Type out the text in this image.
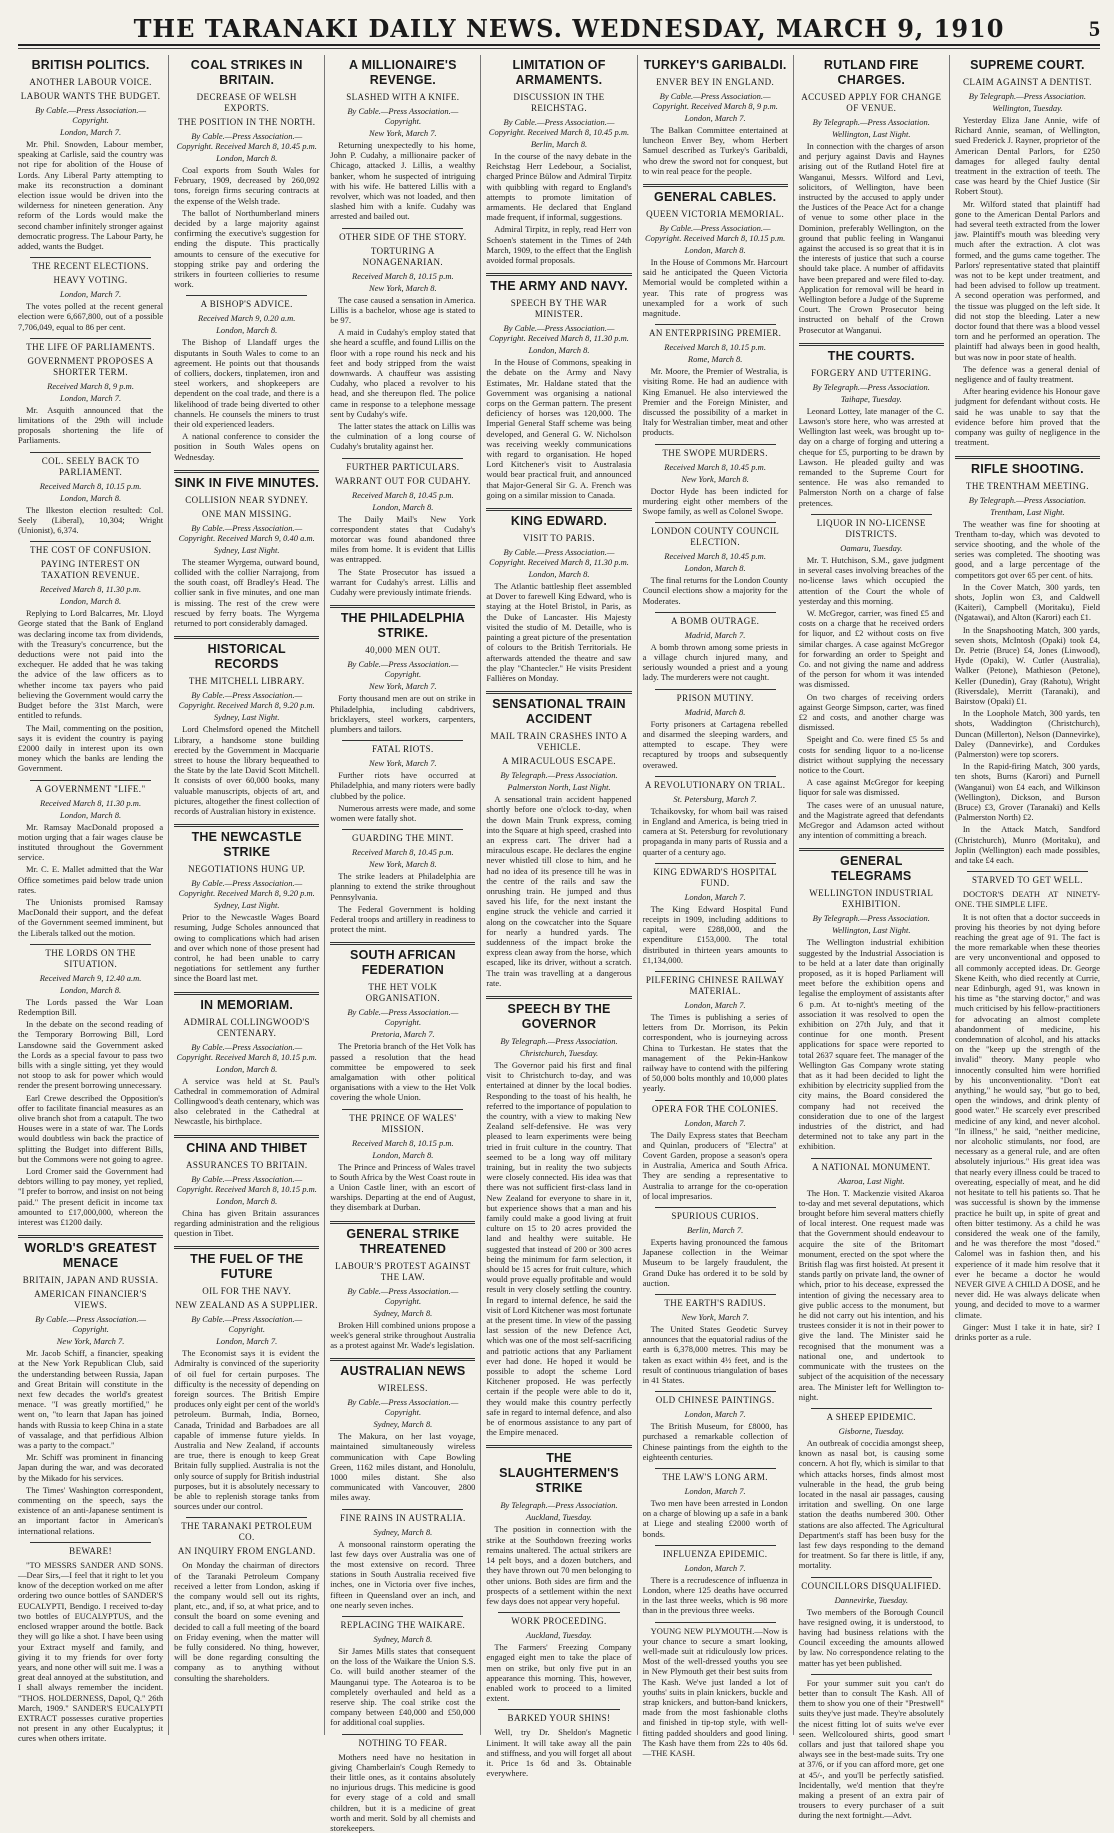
THE TARANAKI DAILY NEWS. WEDNESDAY, MARCH 9, 1910	5
BRITISH POLITICS.
ANOTHER LABOUR VOICE.
LABOUR WANTS THE BUDGET.
By Cable.—Press Association.—Copyright.
London, March 7.

Mr. Phil. Snowden, Labour member, speaking at Carlisle, said the country was not ripe for abolition of the House of Lords. Any Liberal Party attempting to make its reconstruction a dominant election issue would be driven into the wilderness for nineteen generation. Any reform of the Lords would make the second chamber infinitely stronger against democratic progress. The Labour Party, he added, wants the Budget.

THE RECENT ELECTIONS.
HEAVY VOTING.
London, March 7.

The votes polled at the recent general election were 6,667,800, out of a possible 7,706,049, equal to 86 per cent.

THE LIFE OF PARLIAMENTS.
GOVERNMENT PROPOSES A SHORTER TERM.
Received March 8, 9 p.m.
London, March 7.

Mr. Asquith announced that the limitations of the 29th will include proposals shortening the life of Parliaments.

COL. SEELY BACK TO PARLIAMENT.
Received March 8, 10.15 p.m.
London, March 8.

The Ilkeston election resulted: Col. Seely (Liberal), 10,304; Wright (Unionist), 6,374.

THE COST OF CONFUSION.
PAYING INTEREST ON TAXATION REVENUE.
Received March 8, 11.30 p.m.
London, March 8.

Replying to Lord Balcarres, Mr. Lloyd George stated that the Bank of England was declaring income tax from dividends, with the Treasury's concurrence, but the deductions were not paid into the exchequer. He added that he was taking the advice of the law officers as to whether income tax payers who paid believing the Government would carry the Budget before the 31st March, were entitled to refunds.

The Mail, commenting on the position, says it is evident the country is paying £2000 daily in interest upon its own money which the banks are lending the Government.

A GOVERNMENT "LIFE."
Received March 8, 11.30 p.m.
London, March 8.

Mr. Ramsay MacDonald proposed a motion urging that a fair wages clause be instituted throughout the Government service.

Mr. C. E. Mallet admitted that the War Office sometimes paid below trade union rates.

The Unionists promised Ramsay MacDonald their support, and the defeat of the Government seemed imminent, but the Liberals talked out the motion.

THE LORDS ON THE SITUATION.
Received March 9, 12.40 a.m.
London, March 8.

The Lords passed the War Loan Redemption Bill.

In the debate on the second reading of the Temporary Borrowing Bill, Lord Lansdowne said the Government asked the Lords as a special favour to pass two bills with a single sitting, yet they would not stoop to ask for power which would render the present borrowing unnecessary.

Earl Crewe described the Opposition's offer to facilitate financial measures as an olive branch shot from a catapult. The two Houses were in a state of war. The Lords would doubtless win back the practice of splitting the Budget into different Bills, but the Commons were not going to agree.

Lord Cromer said the Government had debtors willing to pay money, yet replied, "I prefer to borrow, and insist on not being paid." The present deficit in income tax amounted to £17,000,000, whereon the interest was £1200 daily.

WORLD'S GREATEST MENACE
BRITAIN, JAPAN AND RUSSIA.
AMERICAN FINANCIER'S VIEWS.
By Cable.—Press Association.—Copyright.
New York, March 7.

Mr. Jacob Schiff, a financier, speaking at the New York Republican Club, said the understanding between Russia, Japan and Great Britain will constitute in the next few decades the world's greatest menace. "I was greatly mortified," he went on, "to learn that Japan has joined hands with Russia to keep China in a state of vassalage, and that perfidious Albion was a party to the compact."

Mr. Schiff was prominent in financing Japan during the war, and was decorated by the Mikado for his services.

The Times' Washington correspondent, commenting on the speech, says the existence of an anti-Japanese sentiment is an important factor in American's international relations.

BEWARE!

"TO MESSRS SANDER AND SONS.—Dear Sirs,—I feel that it right to let you know of the deception worked on me after ordering two ounce bottles of SANDER'S EUCALYPTI, Bendigo. I received to-day two bottles of EUCALYPTUS, and the enclosed wrapper around the bottle. Back they will go like a shot. I have been using your Extract myself and family, and giving it to my friends for over forty years, and none other will suit me. I was a great deal annoyed at the substitution, and I shall always remember the incident. "THOS. HOLDERNESS, Dapol, Q." 26th March, 1909." SANDER'S EUCALYPTI EXTRACT possesses curative properties not present in any other Eucalyptus; it cures when others irritate.

COAL STRIKES IN BRITAIN.
DECREASE OF WELSH EXPORTS.
THE POSITION IN THE NORTH.
By Cable.—Press Association.—Copyright. Received March 8, 10.45 p.m.
London, March 8.

Coal exports from South Wales for February, 1909, decreased by 260,092 tons, foreign firms securing contracts at the expense of the Welsh trade.

The ballot of Northumberland miners decided by a large majority against confirming the executive's suggestion for ending the dispute. This practically amounts to censure of the executive for stopping strike pay and ordering the strikers in fourteen collieries to resume work.

A BISHOP'S ADVICE.
Received March 9, 0.20 a.m.
London, March 8.

The Bishop of Llandaff urges the disputants in South Wales to come to an agreement. He points out that thousands of colliers, dockers, tinplatemen, iron and steel workers, and shopkeepers are dependent on the coal trade, and there is a likelihood of trade being diverted to other channels. He counsels the miners to trust their old experienced leaders.

A national conference to consider the position in South Wales opens on Wednesday.

SINK IN FIVE MINUTES.
COLLISION NEAR SYDNEY.
ONE MAN MISSING.
By Cable.—Press Association.—Copyright. Received March 9, 0.40 a.m.
Sydney, Last Night.

The steamer Wyrgema, outward bound, collided with the collier Narrajong, from the south coast, off Bradley's Head. The collier sank in five minutes, and one man is missing. The rest of the crew were rescued by ferry boats. The Wyrgema returned to port considerably damaged.

HISTORICAL RECORDS
THE MITCHELL LIBRARY.
By Cable.—Press Association.—Copyright. Received March 8, 9.20 p.m.
Sydney, Last Night.

Lord Chelmsford opened the Mitchell Library, a handsome stone building erected by the Government in Macquarie street to house the library bequeathed to the State by the late David Scott Mitchell. It consists of over 60,000 books, many valuable manuscripts, objects of art, and pictures, altogether the finest collection of records of Australian history in existence.

THE NEWCASTLE STRIKE
NEGOTIATIONS HUNG UP.
By Cable.—Press Association.—Copyright. Received March 8, 9.20 p.m.
Sydney, Last Night.

Prior to the Newcastle Wages Board resuming, Judge Scholes announced that owing to complications which had arisen and over which none of those present had control, he had been unable to carry negotiations for settlement any further since the Board last met.

IN MEMORIAM.
ADMIRAL COLLINGWOOD'S CENTENARY.
By Cable.—Press Association.—Copyright. Received March 8, 10.15 p.m.
London, March 8.

A service was held at St. Paul's Cathedral in commemoration of Admiral Collingwood's death centenary, which was also celebrated in the Cathedral at Newcastle, his birthplace.

CHINA AND THIBET
ASSURANCES TO BRITAIN.
By Cable.—Press Association.—Copyright. Received March 8, 10.15 p.m.
London, March 8.

China has given Britain assurances regarding administration and the religious question in Tibet.

THE FUEL OF THE FUTURE
OIL FOR THE NAVY.
NEW ZEALAND AS A SUPPLIER.
By Cable.—Press Association.—Copyright.
London, March 7.

The Economist says it is evident the Admiralty is convinced of the superiority of oil fuel for certain purposes. The difficulty is the necessity of depending on foreign sources. The British Empire produces only eight per cent of the world's petroleum. Burmah, India, Borneo, Canada, Trinidad and Barbadoes are all capable of immense future yields. In Australia and New Zealand, if accounts are true, there is enough to keep Great Britain fully supplied. Australia is not the only source of supply for British industrial purposes, but it is absolutely necessary to be able to replenish storage tanks from sources under our control.

THE TARANAKI PETROLEUM CO.
AN INQUIRY FROM ENGLAND.

On Monday the chairman of directors of the Taranaki Petroleum Company received a letter from London, asking if the company would sell out its rights, plant, etc., and, if so, at what price, and to consult the board on some evening and decided to call a full meeting of the board on Friday evening, when the matter will be fully considered. No thing, however, will be done regarding consulting the company as to anything without consulting the shareholders.

A MILLIONAIRE'S REVENGE.
SLASHED WITH A KNIFE.
By Cable.—Press Association.—Copyright.
New York, March 7.

Returning unexpectedly to his home, John P. Cudahy, a millionaire packer of Chicago, attacked J. Lillis, a wealthy banker, whom he suspected of intriguing with his wife. He battered Lillis with a revolver, which was not loaded, and then slashed him with a knife. Cudahy was arrested and bailed out.

OTHER SIDE OF THE STORY.
TORTURING A NONAGENARIAN.
Received March 8, 10.15 p.m.
New York, March 8.

The case caused a sensation in America. Lillis is a bachelor, whose age is stated to be 97.

A maid in Cudahy's employ stated that she heard a scuffle, and found Lillis on the floor with a rope round his neck and his feet and body stripped from the waist downwards. A chauffeur was assisting Cudahy, who placed a revolver to his head, and she thereupon fled. The police came in response to a telephone message sent by Cudahy's wife.

The latter states the attack on Lillis was the culmination of a long course of Cudahy's brutality against her.

FURTHER PARTICULARS.
WARRANT OUT FOR CUDAHY.
Received March 8, 10.45 p.m.
London, March 8.

The Daily Mail's New York correspondent states that Cudahy's motorcar was found abandoned three miles from home. It is evident that Lillis was entrapped.

The State Prosecutor has issued a warrant for Cudahy's arrest. Lillis and Cudahy were previously intimate friends.

THE PHILADELPHIA STRIKE.
40,000 MEN OUT.
By Cable.—Press Association.—Copyright.
New York, March 7.

Forty thousand men are out on strike in Philadelphia, including cabdrivers, bricklayers, steel workers, carpenters, plumbers and tailors.

FATAL RIOTS.
New York, March 7.

Further riots have occurred at Philadelphia, and many rioters were badly clubbed by the police.

Numerous arrests were made, and some women were fatally shot.

GUARDING THE MINT.
Received March 8, 10.45 p.m.
New York, March 8.

The strike leaders at Philadelphia are planning to extend the strike throughout Pennsylvania.

The Federal Government is holding Federal troops and artillery in readiness to protect the mint.

SOUTH AFRICAN FEDERATION
THE HET VOLK ORGANISATION.
By Cable.—Press Association.—Copyright.
Pretoria, March 7.

The Pretoria branch of the Het Volk has passed a resolution that the head committee be empowered to seek amalgamation with other political organisations with a view to the Het Volk covering the whole Union.

THE PRINCE OF WALES' MISSION.
Received March 8, 10.15 p.m.
London, March 8.

The Prince and Princess of Wales travel to South Africa by the West Coast route in a Union Castle liner, with an escort of warships. Departing at the end of August, they disembark at Durban.

GENERAL STRIKE THREATENED
LABOUR'S PROTEST AGAINST THE LAW.
By Cable.—Press Association.—Copyright.
Sydney, March 8.

Broken Hill combined unions propose a week's general strike throughout Australia as a protest against Mr. Wade's legislation.

AUSTRALIAN NEWS
WIRELESS.
By Cable.—Press Association.—Copyright.
Sydney, March 8.

The Makura, on her last voyage, maintained simultaneously wireless communication with Cape Bowling Green, 1162 miles distant, and Honolulu, 1000 miles distant. She also communicated with Vancouver, 2800 miles away.

FINE RAINS IN AUSTRALIA.
Sydney, March 8.

A monsoonal rainstorm operating the last few days over Australia was one of the most extensive on record. Three stations in South Australia received five inches, one in Victoria over five inches, fifteen in Queensland over an inch, and one nearly seven inches.

REPLACING THE WAIKARE.
Sydney, March 8.

Sir James Mills states that consequent on the loss of the Waikare the Union S.S. Co. will build another steamer of the Maunganui type. The Aotearoa is to be completely overhauled and held as a reserve ship. The coal strike cost the company between £40,000 and £50,000 for additional coal supplies.

NOTHING TO FEAR.

Mothers need have no hesitation in giving Chamberlain's Cough Remedy to their little ones, as it contains absolutely no injurious drugs. This medicine is good for every stage of a cold and small children, but it is a medicine of great worth and merit. Sold by all chemists and storekeepers.

LIMITATION OF ARMAMENTS.
DISCUSSION IN THE REICHSTAG.
By Cable.—Press Association.—Copyright. Received March 8, 10.45 p.m.
Berlin, March 8.

In the course of the navy debate in the Reichstag Herr Ledebour, a Socialist, charged Prince Bülow and Admiral Tirpitz with quibbling with regard to England's attempts to promote limitation of armaments. He declared that England made frequent, if informal, suggestions.

Admiral Tirpitz, in reply, read Herr von Schoen's statement in the Times of 24th March, 1909, to the effect that the English avoided formal proposals.

THE ARMY AND NAVY.
SPEECH BY THE WAR MINISTER.
By Cable.—Press Association.—Copyright. Received March 8, 11.30 p.m.
London, March 8.

In the House of Commons, speaking in the debate on the Army and Navy Estimates, Mr. Haldane stated that the Government was organising a national corps on the German pattern. The present deficiency of horses was 120,000. The Imperial General Staff scheme was being developed, and General G. W. Nicholson was receiving weekly communications with regard to organisation. He hoped Lord Kitchener's visit to Australasia would bear practical fruit, and announced that Major-General Sir G. A. French was going on a similar mission to Canada.

KING EDWARD.
VISIT TO PARIS.
By Cable.—Press Association.—Copyright. Received March 8, 11.30 p.m.
London, March 8.

The Atlantic battleship fleet assembled at Dover to farewell King Edward, who is staying at the Hotel Bristol, in Paris, as the Duke of Lancaster. His Majesty visited the studio of M. Detaille, who is painting a great picture of the presentation of colours to the British Territorials. He afterwards attended the theatre and saw the play "Chantecler." He visits President Fallières on Monday.

SENSATIONAL TRAIN ACCIDENT
MAIL TRAIN CRASHES INTO A VEHICLE.
A MIRACULOUS ESCAPE.
By Telegraph.—Press Association.
Palmerston North, Last Night.

A sensational train accident happened shortly before one o'clock to-day, when the down Main Trunk express, coming into the Square at high speed, crashed into an express cart. The driver had a miraculous escape. He declares the engine never whistled till close to him, and he had no idea of its presence till he was in the centre of the rails and saw the onrushing train. He jumped and thus saved his life, for the next instant the engine struck the vehicle and carried it along on the cowcatcher into the Square for nearly a hundred yards. The suddenness of the impact broke the express clean away from the horse, which escaped, like its driver, without a scratch. The train was travelling at a dangerous rate.

SPEECH BY THE GOVERNOR
By Telegraph.—Press Association.
Christchurch, Tuesday.

The Governor paid his first and final visit to Christchurch to-day, and was entertained at dinner by the local bodies. Responding to the toast of his health, he referred to the importance of population to the country, with a view to making New Zealand self-defensive. He was very pleased to learn experiments were being tried in fruit culture in the country. That seemed to be a long way off military training, but in reality the two subjects were closely connected. His idea was that there was not sufficient first-class land in New Zealand for everyone to share in it, but experience shows that a man and his family could make a good living at fruit culture on 15 to 20 acres provided the land and healthy were suitable. He suggested that instead of 200 or 300 acres being the minimum for farm selection, it should be 15 acres for fruit culture, which would prove equally profitable and would result in very closely settling the country. In regard to internal defence, he said the visit of Lord Kitchener was most fortunate at the present time. In view of the passing last session of the new Defence Act, which was one of the most self-sacrificing and patriotic actions that any Parliament ever had done. He hoped it would be possible to adopt the scheme Lord Kitchener proposed. He was perfectly certain if the people were able to do it, they would make this country perfectly safe in regard to internal defence, and also be of enormous assistance to any part of the Empire menaced.

THE SLAUGHTERMEN'S STRIKE
By Telegraph.—Press Association.
Auckland, Tuesday.

The position in connection with the strike at the Southdown freezing works remains unaltered. The actual strikers are 14 pelt boys, and a dozen butchers, and they have thrown out 70 men belonging to other unions. Both sides are firm and the prospects of a settlement within the next few days does not appear very hopeful.

WORK PROCEEDING.
Auckland, Tuesday.

The Farmers' Freezing Company engaged eight men to take the place of men on strike, but only five put in an appearance this morning. This, however, enabled work to proceed to a limited extent.

BARKED YOUR SHINS!

Well, try Dr. Sheldon's Magnetic Liniment. It will take away all the pain and stiffness, and you will forget all about it. Price 1s 6d and 3s. Obtainable everywhere.

TURKEY'S GARIBALDI.
ENVER BEY IN ENGLAND.
By Cable.—Press Association.—Copyright. Received March 8, 9 p.m.
London, March 7.

The Balkan Committee entertained at luncheon Enver Bey, whom Herbert Samuel described as Turkey's Garibaldi, who drew the sword not for conquest, but to win real peace for the people.

GENERAL CABLES.
QUEEN VICTORIA MEMORIAL.
By Cable.—Press Association.—Copyright. Received March 8, 10.15 p.m.
London, March 8.

In the House of Commons Mr. Harcourt said he anticipated the Queen Victoria Memorial would be completed within a year. This rate of progress was unexampled for a work of such magnitude.

AN ENTERPRISING PREMIER.
Received March 8, 10.15 p.m.
Rome, March 8.

Mr. Moore, the Premier of Westralia, is visiting Rome. He had an audience with King Emanuel. He also interviewed the Premier and the Foreign Minister, and discussed the possibility of a market in Italy for Westralian timber, meat and other products.

THE SWOPE MURDERS.
Received March 8, 10.45 p.m.
New York, March 8.

Doctor Hyde has been indicted for murdering eight other members of the Swope family, as well as Colonel Swope.

LONDON COUNTY COUNCIL ELECTION.
Received March 8, 10.45 p.m.
London, March 8.

The final returns for the London County Council elections show a majority for the Moderates.

A BOMB OUTRAGE.
Madrid, March 7.

A bomb thrown among some priests in a village church injured many, and seriously wounded a priest and a young lady. The murderers were not caught.

PRISON MUTINY.
Madrid, March 8.

Forty prisoners at Cartagena rebelled and disarmed the sleeping warders, and attempted to escape. They were recaptured by troops and subsequently overawed.

A REVOLUTIONARY ON TRIAL.
St. Petersburg, March 7.

Tchaikovsky, for whom bail was raised in England and America, is being tried in camera at St. Petersburg for revolutionary propaganda in many parts of Russia and a quarter of a century ago.

KING EDWARD'S HOSPITAL FUND.
London, March 7.

The King Edward Hospital Fund receipts in 1909, including additions to capital, were £288,000, and the expenditure £153,000. The total distributed in thirteen years amounts to £1,134,000.

PILFERING CHINESE RAILWAY MATERIAL.
London, March 7.

The Times is publishing a series of letters from Dr. Morrison, its Pekin correspondent, who is journeying across China to Turkestan. He states that the management of the Pekin-Hankow railway have to contend with the pilfering of 50,000 bolts monthly and 10,000 plates yearly.

OPERA FOR THE COLONIES.
London, March 7.

The Daily Express states that Beecham and Quinlan, producers of "Electra" at Covent Garden, propose a season's opera in Australia, America and South Africa. They are sending a representative to Australia to arrange for the co-operation of local impresarios.

SPURIOUS CURIOS.
Berlin, March 7.

Experts having pronounced the famous Japanese collection in the Weimar Museum to be largely fraudulent, the Grand Duke has ordered it to be sold by auction.

THE EARTH'S RADIUS.
New York, March 7.

The United States Geodetic Survey announces that the equatorial radius of the earth is 6,378,000 metres. This may be taken as exact within 4½ feet, and is the result of continuous triangulation of bases in 41 States.

OLD CHINESE PAINTINGS.
London, March 7.

The British Museum, for £8000, has purchased a remarkable collection of Chinese paintings from the eighth to the eighteenth centuries.

THE LAW'S LONG ARM.
London, March 7.

Two men have been arrested in London on a charge of blowing up a safe in a bank at Liege and stealing £2000 worth of bonds.

INFLUENZA EPIDEMIC.
London, March 7.

There is a recrudescence of influenza in London, where 125 deaths have occurred in the last three weeks, which is 98 more than in the previous three weeks.

YOUNG NEW PLYMOUTH.—Now is your chance to secure a smart looking, well-made suit at ridiculously low prices. Most of the well-dressed youths you see in New Plymouth get their best suits from The Kash. We've just landed a lot of youths' suits in plain knickers, buckle and strap knickers, and button-band knickers, made from the most fashionable cloths and finished in tip-top style, with well-fitting padded shoulders and good lining. The Kash have them from 22s to 40s 6d.—THE KASH.

RUTLAND FIRE CHARGES.
ACCUSED APPLY FOR CHANGE OF VENUE.
By Telegraph.—Press Association.
Wellington, Last Night.

In connection with the charges of arson and perjury against Davis and Haynes arising out of the Rutland Hotel fire at Wanganui, Messrs. Wilford and Levi, solicitors, of Wellington, have been instructed by the accused to apply under the Justices of the Peace Act for a change of venue to some other place in the Dominion, preferably Wellington, on the ground that public feeling in Wanganui against the accused is so great that it is in the interests of justice that such a course should take place. A number of affidavits have been prepared and were filed to-day. Application for removal will be heard in Wellington before a Judge of the Supreme Court. The Crown Prosecutor being instructed on behalf of the Crown Prosecutor at Wanganui.

THE COURTS.
FORGERY AND UTTERING.
By Telegraph.—Press Association.
Taihape, Tuesday.

Leonard Lottey, late manager of the C. Lawson's store here, who was arrested at Wellington last week, was brought up to-day on a charge of forging and uttering a cheque for £5, purporting to be drawn by Lawson. He pleaded guilty and was remanded to the Supreme Court for sentence. He was also remanded to Palmerston North on a charge of false pretences.

LIQUOR IN NO-LICENSE DISTRICTS.
Oamaru, Tuesday.

Mr. T. Hutchison, S.M., gave judgment in several cases involving breaches of the no-license laws which occupied the attention of the Court the whole of yesterday and this morning.

W. McGregor, carrier, was fined £5 and costs on a charge that he received orders for liquor, and £2 without costs on five similar charges. A case against McGregor for forwarding an order to Speight and Co. and not giving the name and address of the person for whom it was intended was dismissed.

On two charges of receiving orders against George Simpson, carter, was fined £2 and costs, and another charge was dismissed.

Speight and Co. were fined £5 5s and costs for sending liquor to a no-license district without supplying the necessary notice to the Court.

A case against McGregor for keeping liquor for sale was dismissed.

The cases were of an unusual nature, and the Magistrate agreed that defendants McGregor and Adamson acted without any intention of committing a breach.

GENERAL TELEGRAMS
WELLINGTON INDUSTRIAL EXHIBITION.
By Telegraph.—Press Association.
Wellington, Last Night.

The Wellington industrial exhibition suggested by the Industrial Association is to be held at a later date than originally proposed, as it is hoped Parliament will meet before the exhibition opens and legalise the employment of assistants after 6 p.m. At to-night's meeting of the association it was resolved to open the exhibition on 27th July, and that it continue for one month. Present applications for space were reported to total 2637 square feet. The manager of the Wellington Gas Company wrote stating that as it had been decided to light the exhibition by electricity supplied from the city mains, the Board considered the company had not received the consideration due to one of the largest industries of the district, and had determined not to take any part in the exhibition.

A NATIONAL MONUMENT.
Akaroa, Last Night.

The Hon. T. Mackenzie visited Akaroa to-day and met several deputations, which brought before him several matters chiefly of local interest. One request made was that the Government should endeavour to acquire the site of the Britomart monument, erected on the spot where the British flag was first hoisted. At present it stands partly on private land, the owner of which, prior to his decease, expressed the intention of giving the necessary area to give public access to the monument, but he did not carry out his intention, and his trustees consider it is not in their power to give the land. The Minister said he recognised that the monument was a national one, and undertook to communicate with the trustees on the subject of the acquisition of the necessary area. The Minister left for Wellington to-night.

A SHEEP EPIDEMIC.
Gisborne, Tuesday.

An outbreak of coccidia amongst sheep, known as nasal bot, is causing some concern. A hot fly, which is similar to that which attacks horses, finds almost most vulnerable in the head, the grub being located in the nasal air passages, causing irritation and swelling. On one large station the deaths numbered 300. Other stations are also affected. The Agricultural Department's staff has been busy for the last few days responding to the demand for treatment. So far there is little, if any, mortality.

COUNCILLORS DISQUALIFIED.
Dannevirke, Tuesday.

Two members of the Borough Council have resigned owing, it is understood, to having had business relations with the Council exceeding the amounts allowed by law. No correspondence relating to the matter has yet been published.

For your summer suit you can't do better than to consult The Kash. All of them to show you one of their "Prestwell" suits they've just made. They're absolutely the nicest fitting lot of suits we've ever seen. Wellcoloured shirts, good smart collars and just that tailored shape you always see in the best-made suits. Try one at 37/6, or if you can afford more, get one at 45/-, and you'll be perfectly satisfied. Incidentally, we'd mention that they're making a present of an extra pair of trousers to every purchaser of a suit during the next fortnight.—Advt.

SUPREME COURT.
CLAIM AGAINST A DENTIST.
By Telegraph.—Press Association.
Wellington, Tuesday.

Yesterday Eliza Jane Annie, wife of Richard Annie, seaman, of Wellington, sued Frederick J. Rayner, proprietor of the American Dental Parlors, for £250 damages for alleged faulty dental treatment in the extraction of teeth. The case was heard by the Chief Justice (Sir Robert Stout).

Mr. Wilford stated that plaintiff had gone to the American Dental Parlors and had several teeth extracted from the lower jaw. Plaintiff's mouth was bleeding very much after the extraction. A clot was formed, and the gums came together. The Parlors' representative stated that plaintiff was not to be kept under treatment, and had been advised to follow up treatment. A second operation was performed, and the tissue was plugged on the left side. It did not stop the bleeding. Later a new doctor found that there was a blood vessel torn and he performed an operation. The plaintiff had always been in good health, but was now in poor state of health.

The defence was a general denial of negligence and of faulty treatment.

After hearing evidence his Honour gave judgment for defendant without costs. He said he was unable to say that the evidence before him proved that the company was guilty of negligence in the treatment.

RIFLE SHOOTING.
THE TRENTHAM MEETING.
By Telegraph.—Press Association.
Trentham, Last Night.

The weather was fine for shooting at Trentham to-day, which was devoted to service shooting, and the whole of the series was completed. The shooting was good, and a large percentage of the competitors got over 65 per cent. of hits.

In the Cover Match, 300 yards, ten shots, Joplin won £3, and Caldwell (Kaiteri), Campbell (Moritaku), Field (Ngatawai), and Alton (Karori) each £1.

In the Snapshooting Match, 300 yards, seven shots, McIntosh (Opaki) took £4, Dr. Petrie (Bruce) £4, Jones (Linwood), Hyde (Opaki), W. Cutler (Australia), Walker (Petone), Mathieson (Petone), Keller (Dunedin), Gray (Rahotu), Wright (Riversdale), Merritt (Taranaki), and Bairstow (Opaki) £1.

In the Loophole Match, 300 yards, ten shots, Waddington (Christchurch), Duncan (Millerton), Nelson (Dannevirke), Daley (Dannevirke), and Cordukes (Palmerston) were top scorers.

In the Rapid-firing Match, 300 yards, ten shots, Burns (Karori) and Purnell (Wanganui) won £4 each, and Wilkinson (Wellington), Dickson, and Burson (Bruce) £3, Grover (Taranaki) and Kells (Palmerston North) £2.

In the Attack Match, Sandford (Christchurch), Munro (Moritaku), and Joplin (Wellington) each made possibles, and take £4 each.

STARVED TO GET WELL.

DOCTOR'S DEATH AT NINETY-ONE. THE SIMPLE LIFE.

It is not often that a doctor succeeds in proving his theories by not dying before reaching the great age of 91. The fact is the more remarkable when these theories are very unconventional and opposed to all commonly accepted ideas. Dr. George Skene Keith, who died recently at Currie, near Edinburgh, aged 91, was known in his time as "the starving doctor," and was much criticised by his fellow-practitioners for advocating an almost complete abandonment of medicine, his condemnation of alcohol, and his attacks on the "keep up the strength of the invalid" theory. Many people who innocently consulted him were horrified by his unconventionality. "Don't eat anything," he would say, "but go to bed, open the windows, and drink plenty of good water." He scarcely ever prescribed medicine of any kind, and never alcohol. "In illness," he said, "neither medicine, nor alcoholic stimulants, nor food, are necessary as a general rule, and are often absolutely injurious." His great idea was that nearly every illness could be traced to overeating, especially of meat, and he did not hesitate to tell his patients so. That he was successful is shown by the immense practice he built up, in spite of great and often bitter testimony. As a child he was considered the weak one of the family, and he was therefore the most "dosed." Calomel was in fashion then, and his experience of it made him resolve that it ever he became a doctor he would NEVER GIVE A CHILD A DOSE, and he never did. He was always delicate when young, and decided to move to a warmer climate.

Ginger: Must I take it in hate, sir? I drinks porter as a rule.
